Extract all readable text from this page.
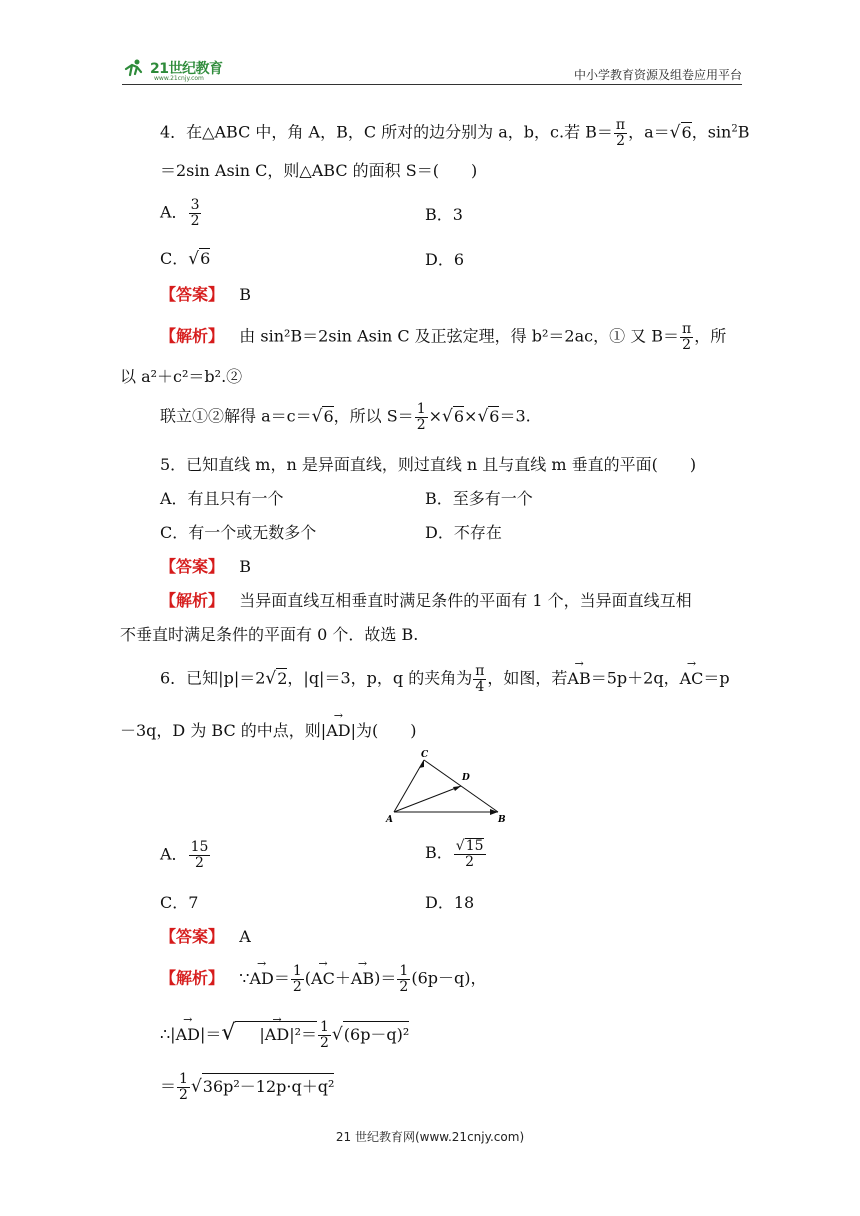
21世纪教育
www.21cnjy.com	中小学教育资源及组卷应用平台
4．在△ABC 中，角 A，B，C 所对的边分别为 a，b，c.若 $B= \frac{\pi}{2}$ ，a＝√6，$\sin^2B$
＝2sin Asin C，则△ABC 的面积 S＝(　　)
A． $\frac{3}{2}$	B．3
C．√6	D．6
【答案】 B
【解析】 由 sin²B＝2sin Asin C 及正弦定理，得 b²＝2ac，① 又 $B= \frac{\pi}{2}$ ，所
以 a²＋c²＝b².②
联立①②解得 a＝c＝√6，所以 $S= \frac{1}{2} \times√6\times√6=3$.
5．已知直线 m，n 是异面直线，则过直线 n 且与直线 m 垂直的平面(　　)
A．有且只有一个	B．至多有一个
C．有一个或无数多个	D．不存在
【答案】 B
【解析】 当异面直线互相垂直时满足条件的平面有 1 个，当异面直线互相
不垂直时满足条件的平面有 0 个．故选 B.
6．已知|p|＝2√2，|q|＝3，p，q 的夹角为 $\frac{\pi}{4}$ ，如图，若→ AB＝5p＋2q，→ AC＝p
－3q，D 为 BC 的中点，则|→ AD|为(　　)
C
D
A	B
A． $\frac{15}{2}$	B． $\frac{√15}{2}$
C．7	D．18
【答案】 A
【解析】 ∵→ $AD= \frac{1}{2}$ (→ $AC+\to AB)= \frac{1}{2} (6p-q)$，
∴|→ AD|＝√ |→ $AD|^2= \frac{1}{2} √(6p-q)^2$
＝ $\frac{1}{2} √36p^2-12p\cdot q+q^2$
21 世纪教育网(www.21cnjy.com)
